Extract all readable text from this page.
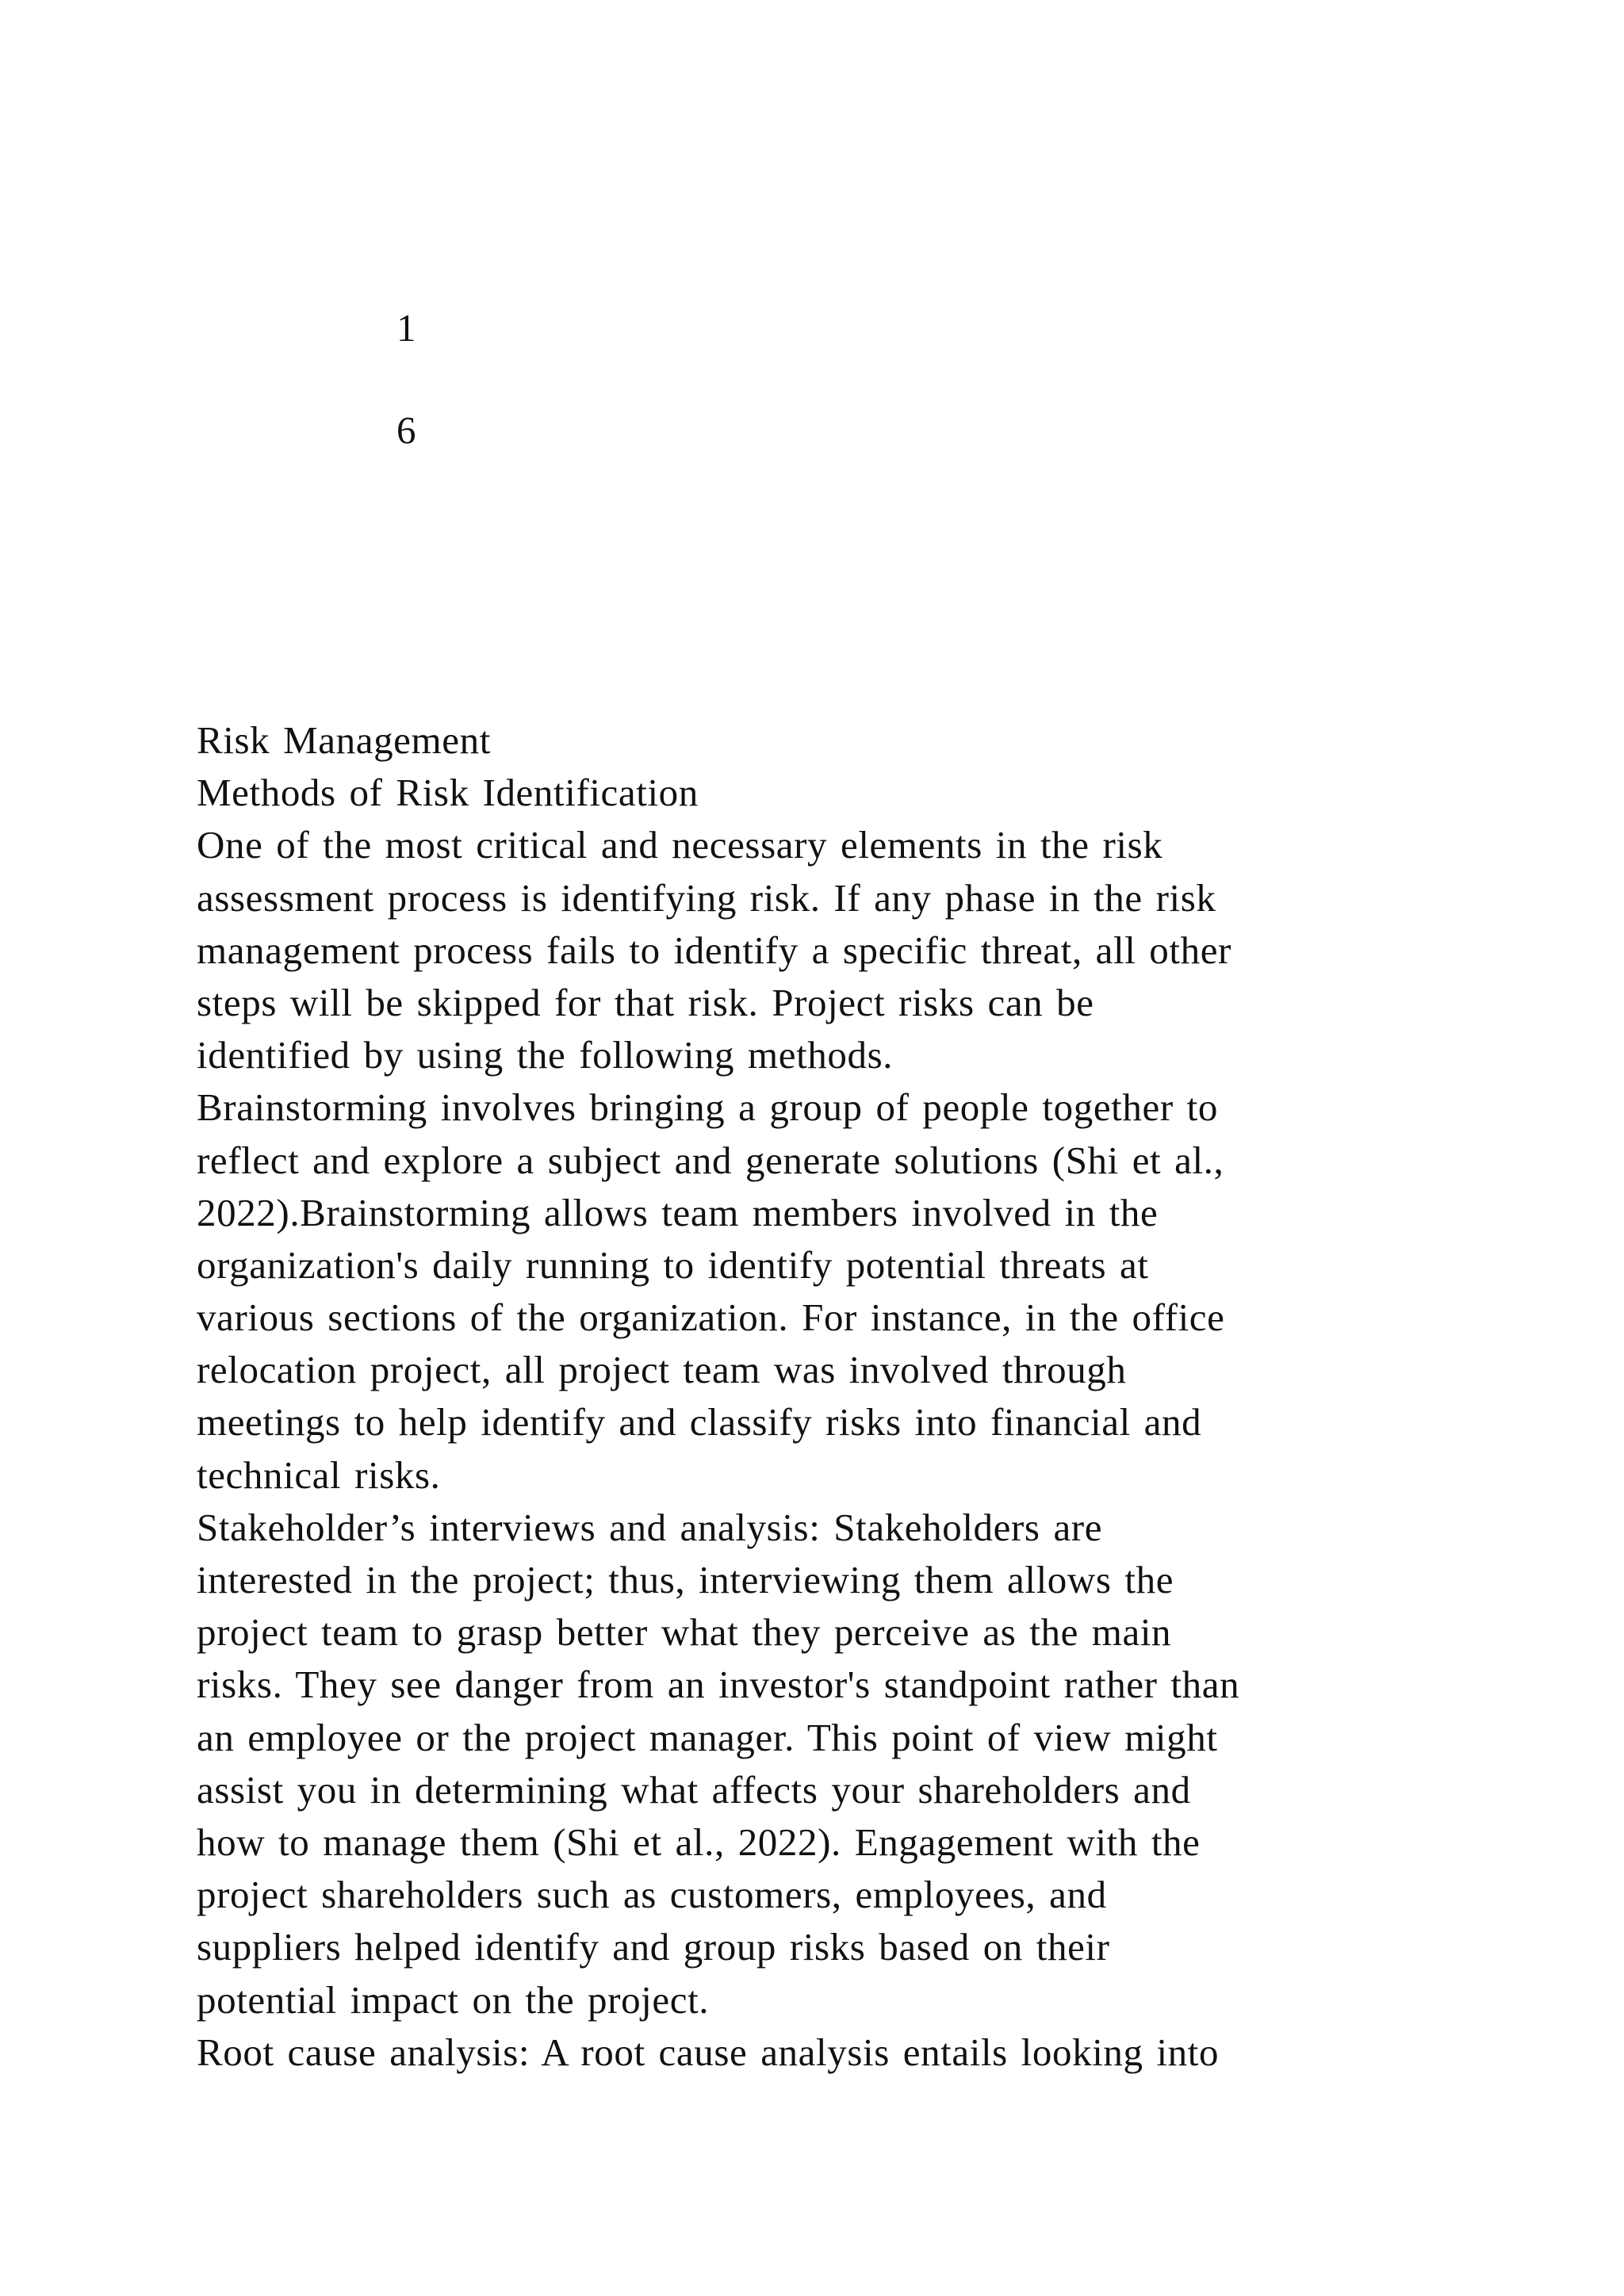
1

6

Risk Management
Methods of Risk Identification
One of the most critical and necessary elements in the risk
assessment process is identifying risk. If any phase in the risk
management process fails to identify a specific threat, all other
steps will be skipped for that risk. Project risks can be
identified by using the following methods.
Brainstorming involves bringing a group of people together to
reflect and explore a subject and generate solutions (Shi et al.,
2022).Brainstorming allows team members involved in the
organization's daily running to identify potential threats at
various sections of the organization. For instance, in the office
relocation project, all project team was involved through
meetings to help identify and classify risks into financial and
technical risks.
Stakeholder’s interviews and analysis: Stakeholders are
interested in the project; thus, interviewing them allows the
project team to grasp better what they perceive as the main
risks. They see danger from an investor's standpoint rather than
an employee or the project manager. This point of view might
assist you in determining what affects your shareholders and
how to manage them (Shi et al., 2022). Engagement with the
project shareholders such as customers, employees, and
suppliers helped identify and group risks based on their
potential impact on the project.
Root cause analysis: A root cause analysis entails looking into
